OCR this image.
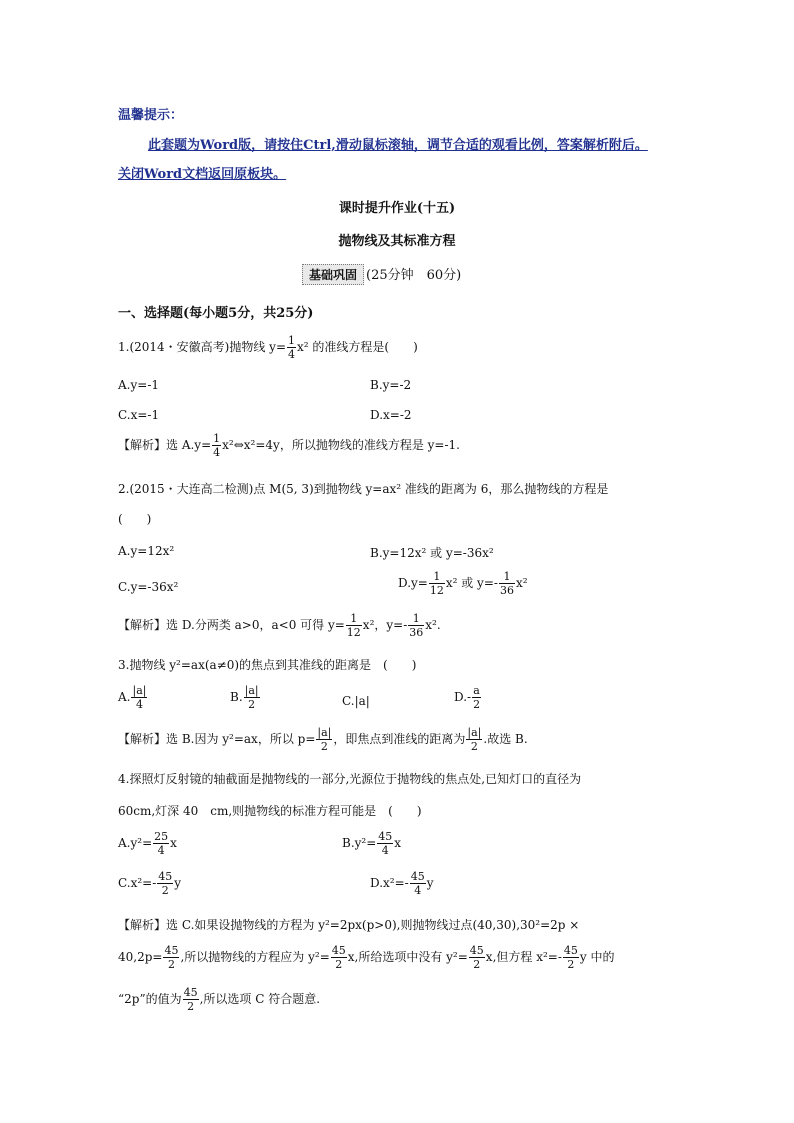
温馨提示：
此套题为Word版，请按住Ctrl,滑动鼠标滚轴，调节合适的观看比例，答案解析附后。
关闭Word文档返回原板块。
课时提升作业(十五)
抛物线及其标准方程
基础巩固 (25分钟　60分)
一、选择题(每小题5分，共25分)
1.(2014・安徽高考)抛物线 $y= \frac{1}{4} x^2$ 的准线方程是(　　)
A.y=-1	B.y=-2
C.x=-1	D.x=-2
【解析】选 $A.y= \frac{1}{4}$ x²⇔x²=4y，所以抛物线的准线方程是 y=-1.
2.(2015・大连高二检测)点 M(5, 3)到抛物线 y=ax² 准线的距离为 6，那么抛物线的方程是
(　　)
A.y=12x²	B.y=12x² 或 y=-36x²
C.y=-36x²	$D.y= \frac{1}{12} x^2$ 或 $y=- \frac{1}{36} x^2$
【解析】选 D.分两类 a>0，a<0 可得 $y= \frac{1}{12} x^2$，$y=- \frac{1}{36} x^2$.
3.抛物线 y²=ax(a≠0)的焦点到其准线的距离是　(　　)
A. $\frac{|a|}{4}$	B. $\frac{|a|}{2}$	C.|a|	$D.- \frac{a}{2}$
【解析】选 B.因为 y²=ax，所以 $p= \frac{|a|}{2}$ ，即焦点到准线的距离为 $\frac{|a|}{2}$ .故选 B.
4.探照灯反射镜的轴截面是抛物线的一部分,光源位于抛物线的焦点处,已知灯口的直径为
60cm,灯深 40　cm,则抛物线的标准方程可能是　(　　)
$A.y^2= \frac{25}{4}$ x	$B.y^2= \frac{45}{4}$ x
$C.x^2=- \frac{45}{2}$ y	$D.x^2=- \frac{45}{4}$ y
【解析】选 C.如果设抛物线的方程为 y²=2px(p>0),则抛物线过点(40,30),30²=2p ×
$40,2p= \frac{45}{2}$ ,所以抛物线的方程应为 $y^2= \frac{45}{2} x$,所给选项中没有 $y^2= \frac{45}{2} x$,但方程 $x^2=- \frac{45}{2}$ y 中的
“2p”的值为 $\frac{45}{2}$ ,所以选项 C 符合题意.
